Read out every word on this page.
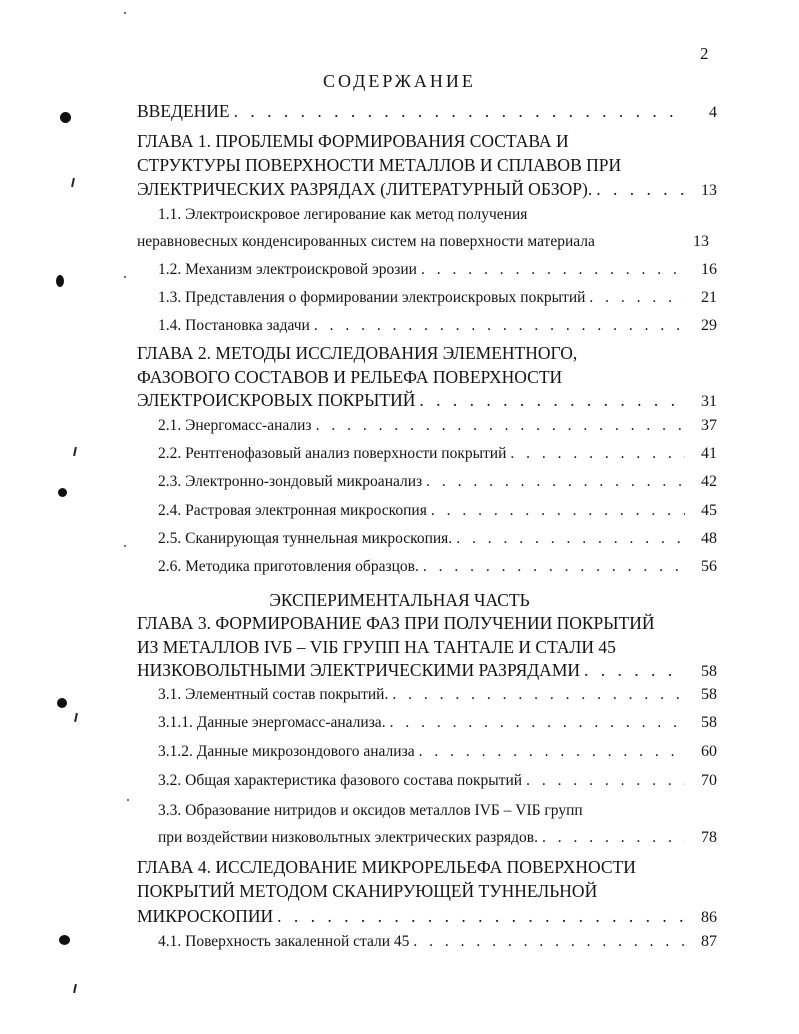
2
СОДЕРЖАНИЕ
ВВЕДЕНИЕ . . .	4
ГЛАВА 1. ПРОБЛЕМЫ ФОРМИРОВАНИЯ СОСТАВА И
СТРУКТУРЫ ПОВЕРХНОСТИ МЕТАЛЛОВ И СПЛАВОВ ПРИ
ЭЛЕКТРИЧЕСКИХ РАЗРЯДАХ (ЛИТЕРАТУРНЫЙ ОБЗОР). . . .	13
1.1. Электроискровое легирование как метод получения
неравновесных конденсированных систем на поверхности материала	13
1.2. Механизм электроискровой эрозии . . .	16
1.3. Представления о формировании электроискровых покрытий . . .	21
1.4. Постановка задачи . . .	29
ГЛАВА 2. МЕТОДЫ ИССЛЕДОВАНИЯ ЭЛЕМЕНТНОГО,
ФАЗОВОГО СОСТАВОВ И РЕЛЬЕФА ПОВЕРХНОСТИ
ЭЛЕКТРОИСКРОВЫХ ПОКРЫТИЙ . . .	31
2.1. Энергомасс-анализ . . .	37
2.2. Рентгенофазовый анализ поверхности покрытий . . .	41
2.3. Электронно-зондовый микроанализ . . .	42
2.4. Растровая электронная микроскопия . . .	45
2.5. Сканирующая туннельная микроскопия. . . .	48
2.6. Методика приготовления образцов. . . .	56
ЭКСПЕРИМЕНТАЛЬНАЯ ЧАСТЬ
ГЛАВА 3. ФОРМИРОВАНИЕ ФАЗ ПРИ ПОЛУЧЕНИИ ПОКРЫТИЙ
ИЗ МЕТАЛЛОВ IVБ – VIБ ГРУПП НА ТАНТАЛЕ И СТАЛИ 45
НИЗКОВОЛЬТНЫМИ ЭЛЕКТРИЧЕСКИМИ РАЗРЯДАМИ . . .	58
3.1. Элементный состав покрытий. . . .	58
3.1.1. Данные энергомасс-анализа. . . .	58
3.1.2. Данные микрозондового анализа . . .	60
3.2. Общая характеристика фазового состава покрытий . . .	70
3.3. Образование нитридов и оксидов металлов IVБ – VIБ групп
при воздействии низковольтных электрических разрядов. . . .	78
ГЛАВА 4. ИССЛЕДОВАНИЕ МИКРОРЕЛЬЕФА ПОВЕРХНОСТИ
ПОКРЫТИЙ МЕТОДОМ СКАНИРУЮЩЕЙ ТУННЕЛЬНОЙ
МИКРОСКОПИИ . . .	86
4.1. Поверхность закаленной стали 45 . . .	87
